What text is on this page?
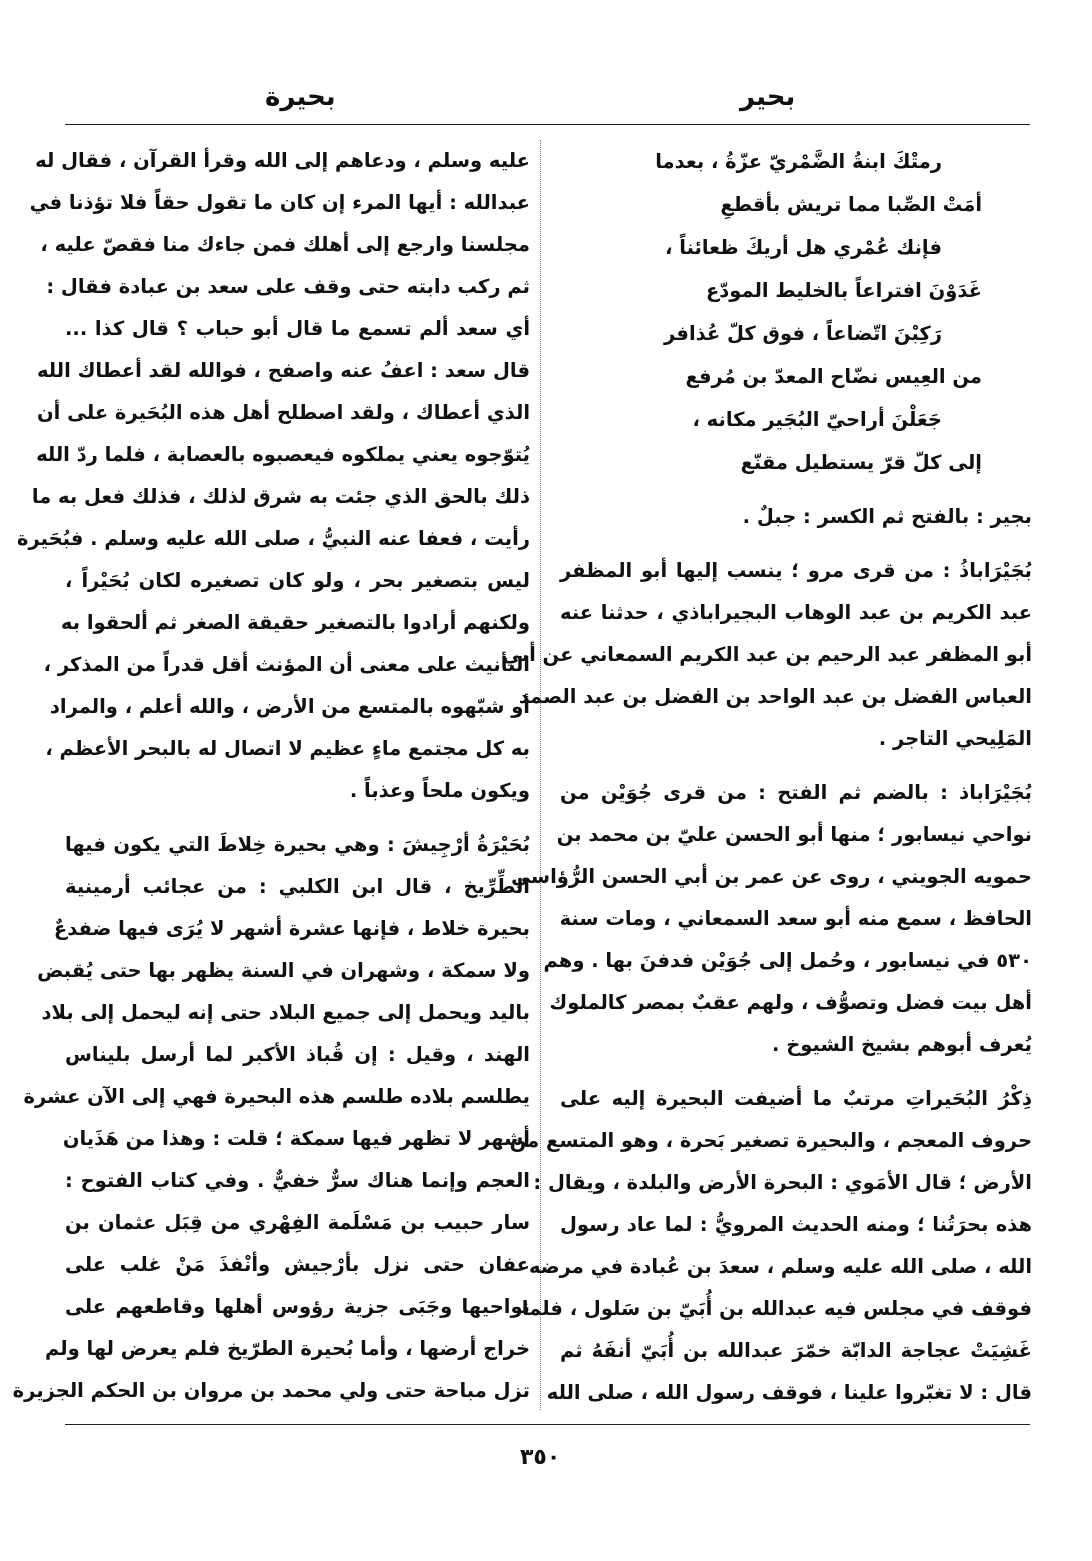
بحير
بحيرة
رمتْكَ ابنةُ الضَّمْريّ عزّةُ ، بعدما
أمَتْ الصِّبا مما تريش بأقطعِ
فإنك عُمْري هل أريكَ ظعائناً ،
غَدَوْنَ افتراعاً بالخليط المودّع
رَكِبْنَ اتّضاعاً ، فوق كلّ عُذافر
من العِيس نضّاح المعدّ بن مُرفع
جَعَلْنَ أراحيّ البُجَير مكانه ،
إلى كلّ قرّ يستطيل مقنّع
بجير : بالفتح ثم الكسر : جبلٌ .
بُجَيْرَاباذُ : من قرى مرو ؛ ينسب إليها أبو المظفر
عبد الكريم بن عبد الوهاب البجيراباذي ، حدثنا عنه
أبو المظفر عبد الرحيم بن عبد الكريم السمعاني عن أبي
العباس الفضل بن عبد الواحد بن الفضل بن عبد الصمد
المَلِيحي التاجر .
بُجَيْرَاباذ : بالضم ثم الفتح : من قرى جُوَيْن من
نواحي نيسابور ؛ منها أبو الحسن عليّ بن محمد بن
حمويه الجويني ، روى عن عمر بن أبي الحسن الرُّؤاسي
الحافظ ، سمع منه أبو سعد السمعاني ، ومات سنة
٥٣٠ في نيسابور ، وحُمل إلى جُوَيْن فدفنَ بها . وهم
أهل بيت فضل وتصوُّف ، ولهم عقبٌ بمصر كالملوك
يُعرف أبوهم بشيخ الشيوخ .
ذِكْرُ البُحَيراتِ مرتبٌ ما أضيفت البحيرة إليه على
حروف المعجم ، والبحيرة تصغير بَحرة ، وهو المتسع من
الأرض ؛ قال الأمَوي : البحرة الأرض والبلدة ، ويقال :
هذه بحرَتُنا ؛ ومنه الحديث المرويُّ : لما عاد رسول
الله ، صلى الله عليه وسلم ، سعدَ بن عُبادة في مرضه
فوقف في مجلس فيه عبدالله بن أُبَيّ بن سَلول ، فلما
غَشِيَتْ عجاجة الدابّة خمّرَ عبدالله بن أُبَيّ أنفَهُ ثم
قال : لا تغبّروا علينا ، فوقف رسول الله ، صلى الله
عليه وسلم ، ودعاهم إلى الله وقرأ القرآن ، فقال له
عبدالله : أيها المرء إن كان ما تقول حقاً فلا تؤذنا في
مجلسنا وارجع إلى أهلك فمن جاءك منا فقصّ عليه ،
ثم ركب دابته حتى وقف على سعد بن عبادة فقال :
أي سعد ألم تسمع ما قال أبو حباب ؟ قال كذا ...
قال سعد : اعفُ عنه واصفح ، فوالله لقد أعطاك الله
الذي أعطاك ، ولقد اصطلح أهل هذه البُحَيرة على أن
يُتوّجوه يعني يملكوه فيعصبوه بالعصابة ، فلما ردّ الله
ذلك بالحق الذي جئت به شرق لذلك ، فذلك فعل به ما
رأيت ، فعفا عنه النبيُّ ، صلى الله عليه وسلم . فبُحَيرة
ليس بتصغير بحر ، ولو كان تصغيره لكان بُحَيْراً ،
ولكنهم أرادوا بالتصغير حقيقة الصغر ثم ألحقوا به
التأنيث على معنى أن المؤنث أقل قدراً من المذكر ،
أو شبّهوه بالمتسع من الأرض ، والله أعلم ، والمراد
به كل مجتمع ماءٍ عظيم لا اتصال له بالبحر الأعظم ،
ويكون ملحاً وعذباً .
بُحَيْرَةُ أرْجِيشَ : وهي بحيرة خِلاطَ التي يكون فيها
الطِّرِّيخ ، قال ابن الكلبي : من عجائب أرمينية
بحيرة خلاط ، فإنها عشرة أشهر لا يُرَى فيها ضفدعٌ
ولا سمكة ، وشهران في السنة يظهر بها حتى يُقبض
باليد ويحمل إلى جميع البلاد حتى إنه ليحمل إلى بلاد
الهند ، وقيل : إن قُباذ الأكبر لما أرسل بليناس
يطلسم بلاده طلسم هذه البحيرة فهي إلى الآن عشرة
أشهر لا تظهر فيها سمكة ؛ قلت : وهذا من هَذَيان
العجم وإنما هناك سرٌّ خفيٌّ . وفي كتاب الفتوح :
سار حبيب بن مَسْلَمة الفِهْري من قِبَل عثمان بن
عفان حتى نزل بأرْجيش وأنْفذَ مَنْ غلب على
نواحيها وجَبَى جزية رؤوس أهلها وقاطعهم على
خراج أرضها ، وأما بُحيرة الطرّيخ فلم يعرض لها ولم
تزل مباحة حتى ولي محمد بن مروان بن الحكم الجزيرة
٣٥٠
